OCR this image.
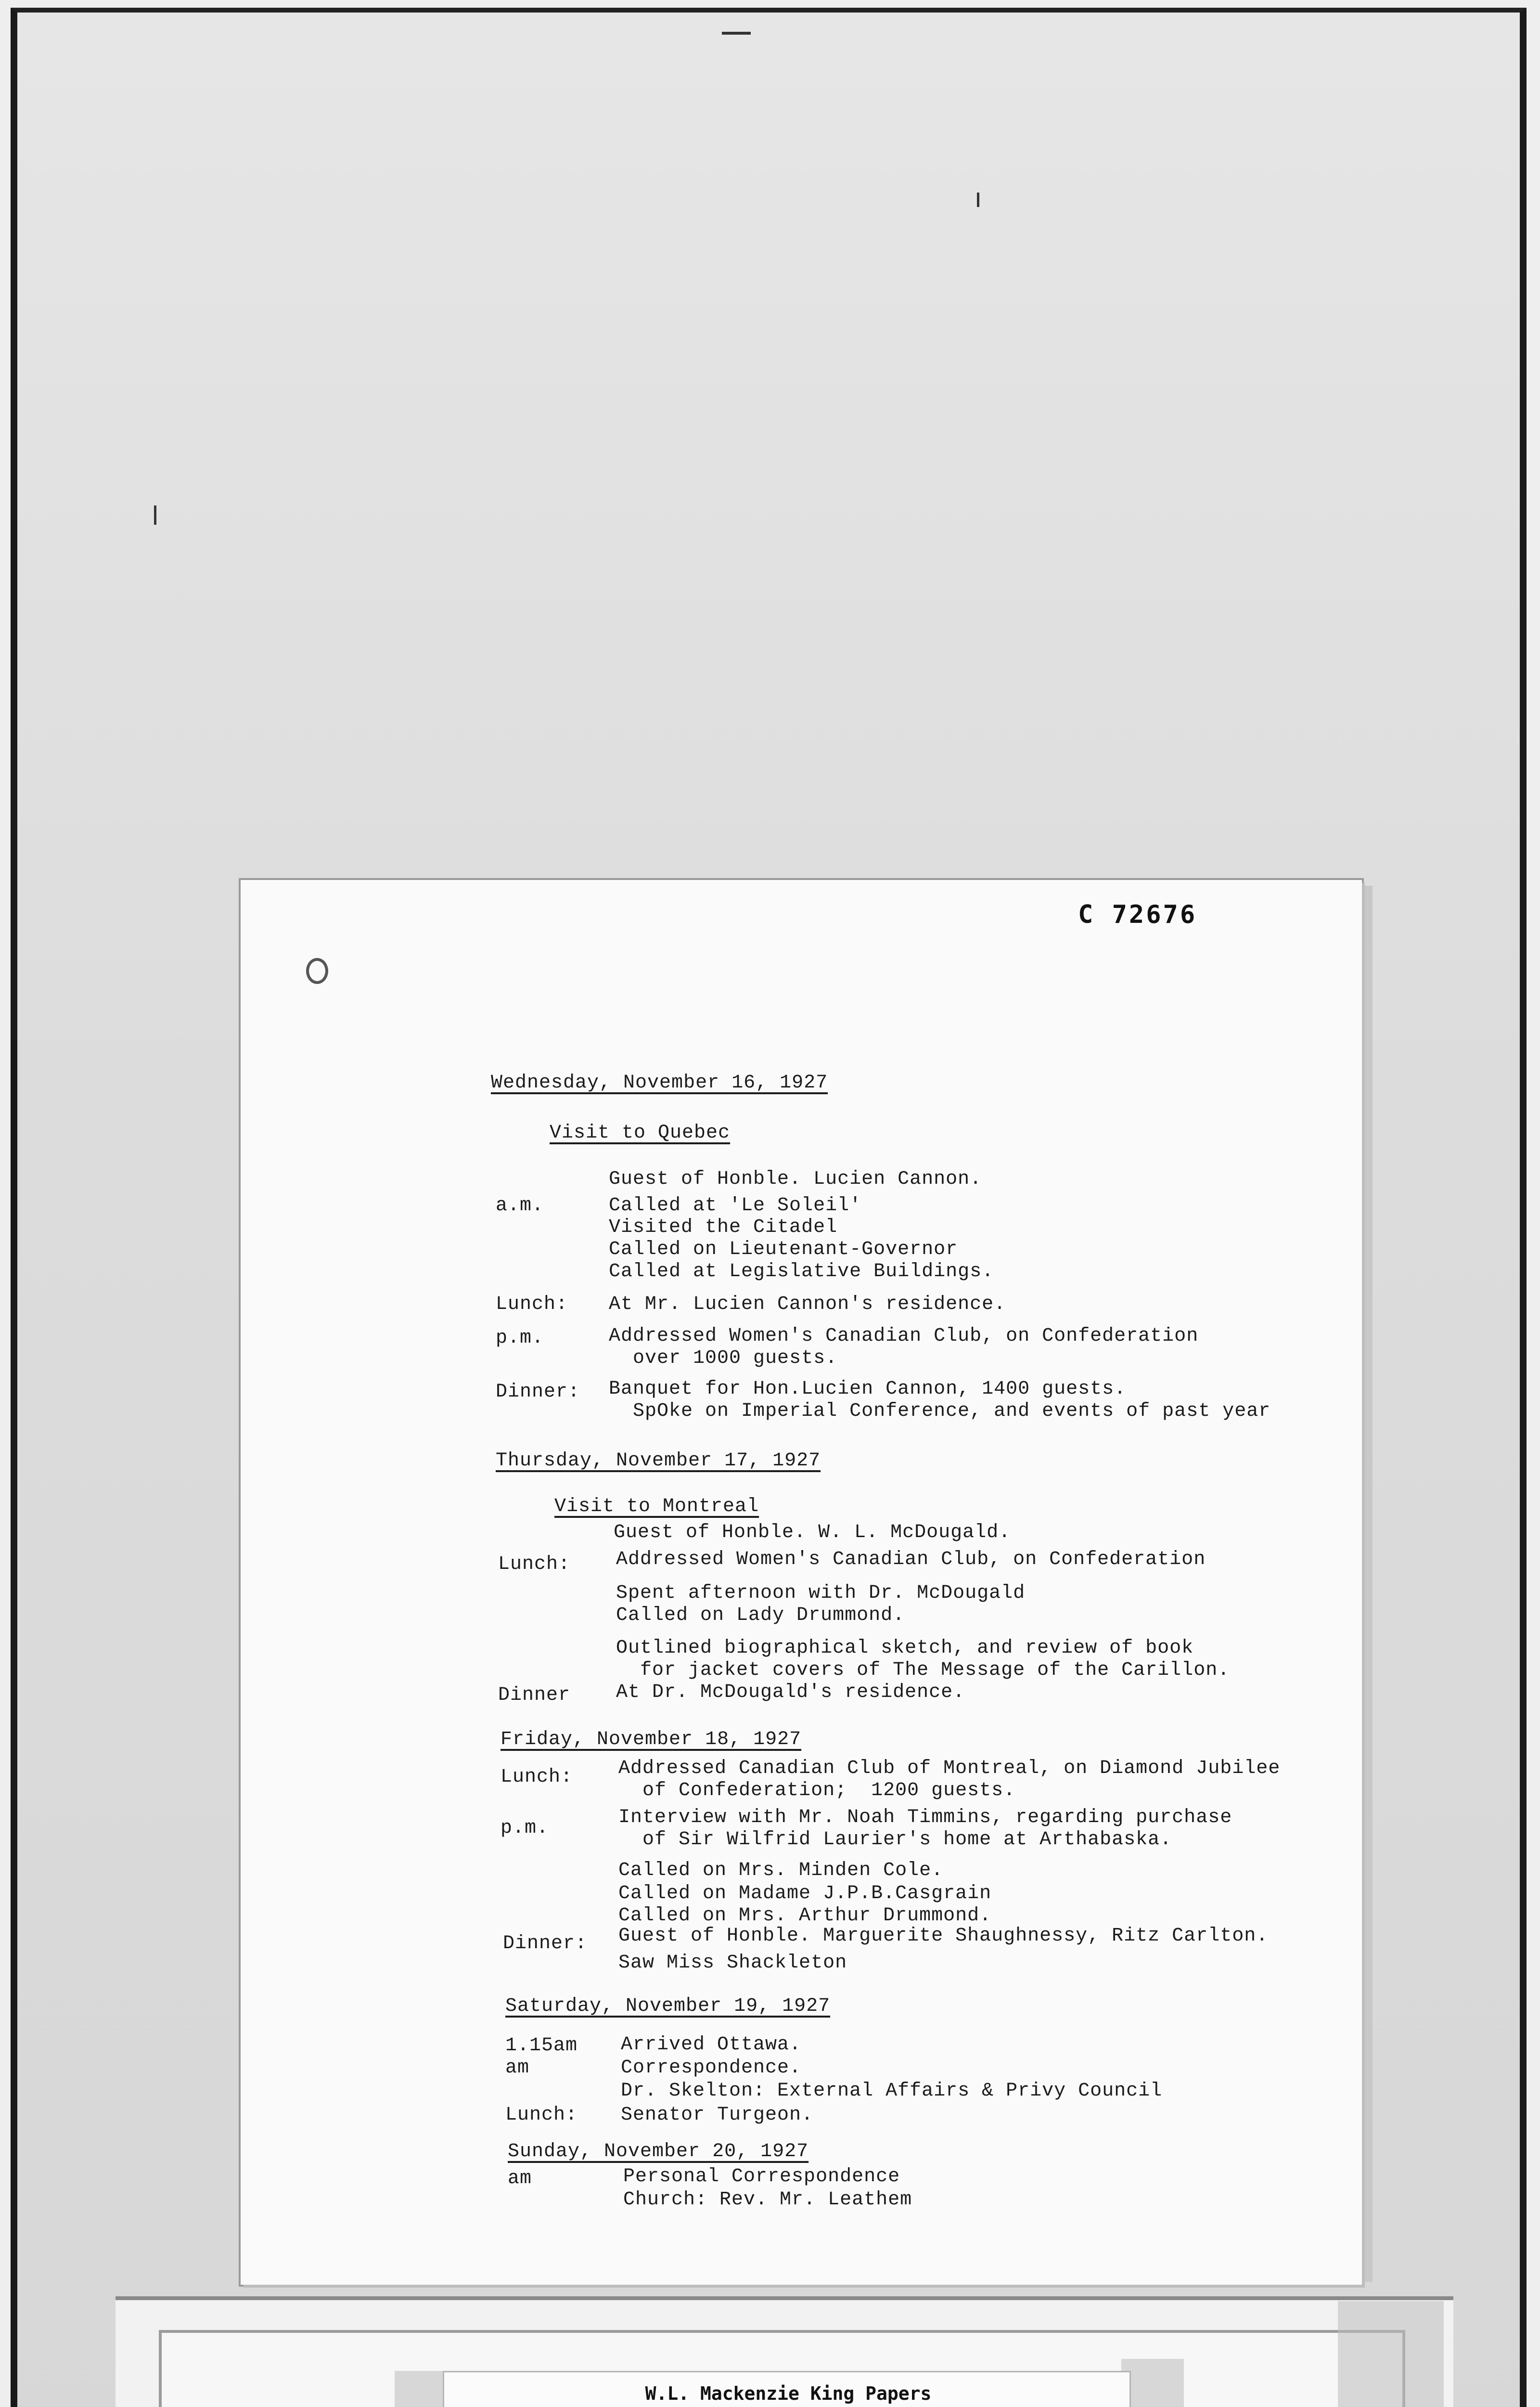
C 72676
Wednesday, November 16, 1927
Visit to Quebec
Guest of Honble. Lucien Cannon.
a.m.	Called at 'Le Soleil'
Visited the Citadel
Called on Lieutenant-Governor
Called at Legislative Buildings.
Lunch: At Mr. Lucien Cannon's residence.
p.m.	Addressed Women's Canadian Club, on Confederation
over 1000 guests.
Dinner: Banquet for Hon.Lucien Cannon, 1400 guests.
SpOke on Imperial Conference, and events of past year
Thursday, November 17, 1927
Visit to Montreal
Guest of Honble. W. L. McDougald.
Lunch: Addressed Women's Canadian Club, on Confederation
Spent afternoon with Dr. McDougald
Called on Lady Drummond.
Outlined biographical sketch, and review of book
for jacket covers of The Message of the Carillon.
Dinner At Dr. McDougald's residence.
Friday, November 18, 1927
Lunch: Addressed Canadian Club of Montreal, on Diamond Jubilee
of Confederation;  1200 guests.
p.m.	Interview with Mr. Noah Timmins, regarding purchase
of Sir Wilfrid Laurier's home at Arthabaska.
Called on Mrs. Minden Cole.
Called on Madame J.P.B.Casgrain
Called on Mrs. Arthur Drummond.
Dinner: Guest of Honble. Marguerite Shaughnessy, Ritz Carlton.
Saw Miss Shackleton
Saturday, November 19, 1927
1.15am Arrived Ottawa.
am	Correspondence.
Dr. Skelton: External Affairs & Privy Council
Lunch: Senator Turgeon.
Sunday, November 20, 1927
am	Personal Correspondence
Church: Rev. Mr. Leathem
W.L. Mackenzie King Papers
